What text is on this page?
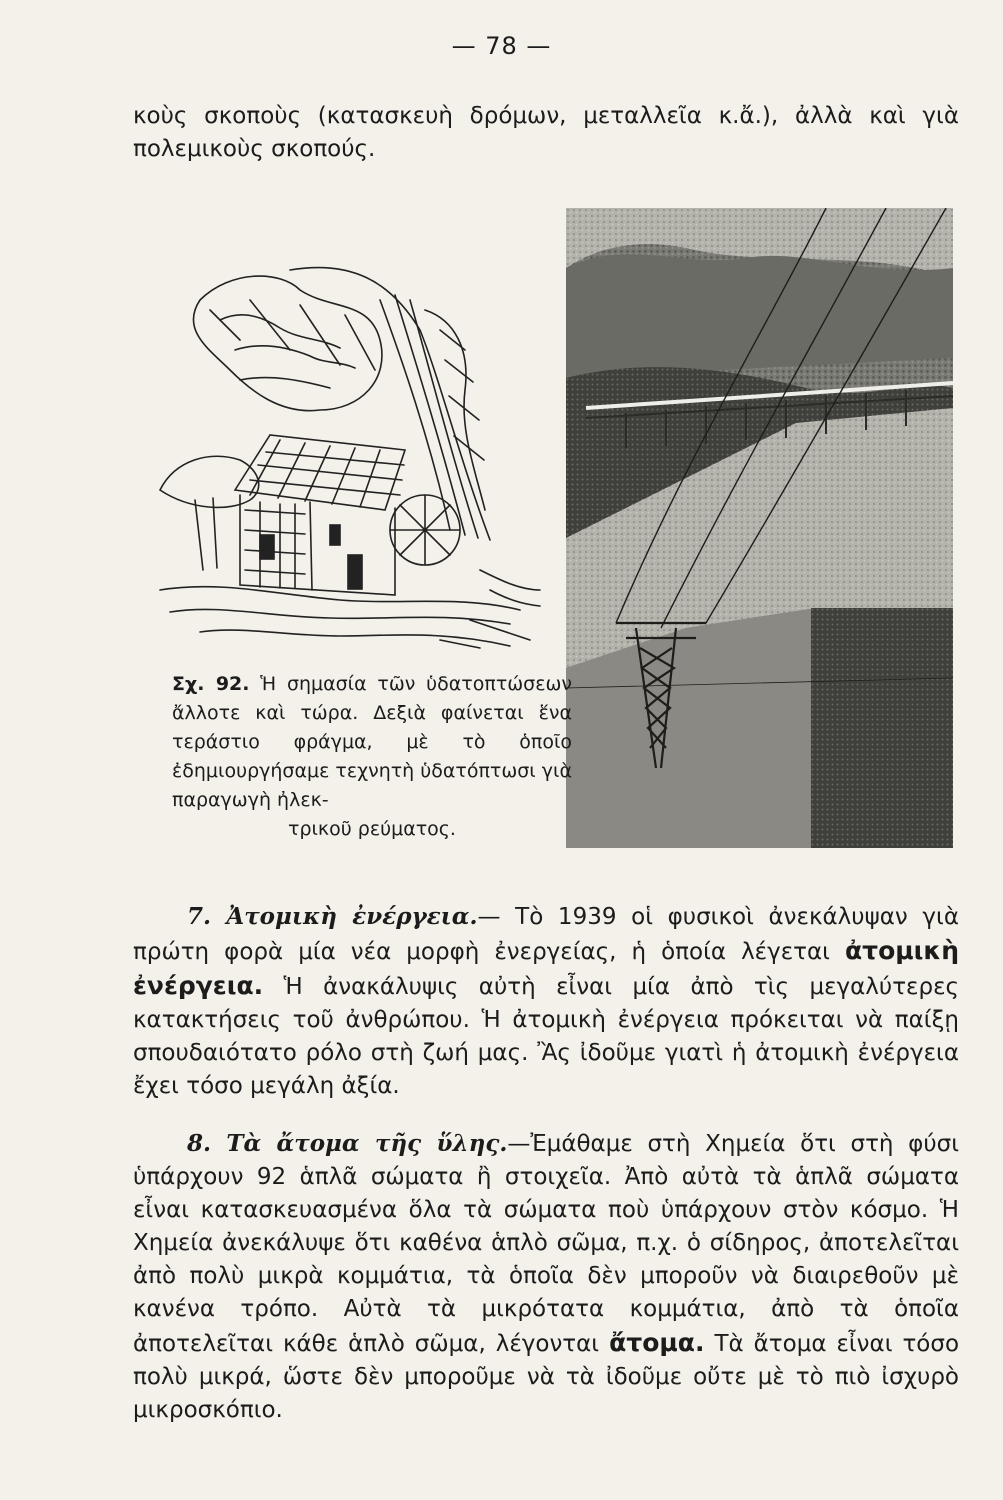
— 78 —

κοὺς σκοποὺς (κατασκευὴ δρόμων, μεταλλεῖα κ.ἄ.), ἀλλὰ καὶ γιὰ πολεμικοὺς σκοπούς.

Σχ. 92. Ἡ σημασία τῶν ὑδατοπτώσεων ἄλλοτε καὶ τώρα. Δεξιὰ φαίνεται ἕνα τεράστιο φράγμα, μὲ τὸ ὁποῖο ἐδημιουργήσαμε τεχνητὴ ὑδατόπτωσι γιὰ παραγωγὴ ἠλεκ-
τρικοῦ ρεύματος.

7. Ἀτομικὴ ἐνέργεια.— Τὸ 1939 οἱ φυσικοὶ ἀνεκάλυψαν γιὰ πρώτη φορὰ μία νέα μορφὴ ἐνεργείας, ἡ ὁποία λέγεται ἀτομικὴ ἐνέργεια. Ἡ ἀνακάλυψις αὐτὴ εἶναι μία ἀπὸ τὶς μεγαλύτερες κατακτήσεις τοῦ ἀνθρώπου. Ἡ ἀτομικὴ ἐνέργεια πρόκειται νὰ παίξῃ σπουδαιότατο ρόλο στὴ ζωή μας. Ἂς ἰδοῦμε γιατὶ ἡ ἀτομικὴ ἐνέργεια ἔχει τόσο μεγάλη ἀξία.

8. Τὰ ἄτομα τῆς ὕλης.—Ἐμάθαμε στὴ Χημεία ὅτι στὴ φύσι ὑπάρχουν 92 ἁπλᾶ σώματα ἢ στοιχεῖα. Ἀπὸ αὐτὰ τὰ ἁπλᾶ σώματα εἶναι κατασκευασμένα ὅλα τὰ σώματα ποὺ ὑπάρχουν στὸν κόσμο. Ἡ Χημεία ἀνεκάλυψε ὅτι καθένα ἁπλὸ σῶμα, π.χ. ὁ σίδηρος, ἀποτελεῖται ἀπὸ πολὺ μικρὰ κομμάτια, τὰ ὁποῖα δὲν μποροῦν νὰ διαιρεθοῦν μὲ κανένα τρόπο. Αὐτὰ τὰ μικρότατα κομμάτια, ἀπὸ τὰ ὁποῖα ἀποτελεῖται κάθε ἁπλὸ σῶμα, λέγονται ἄτομα. Τὰ ἄτομα εἶναι τόσο πολὺ μικρά, ὥστε δὲν μποροῦμε νὰ τὰ ἰδοῦμε οὔτε μὲ τὸ πιὸ ἰσχυρὸ μικροσκόπιο.
